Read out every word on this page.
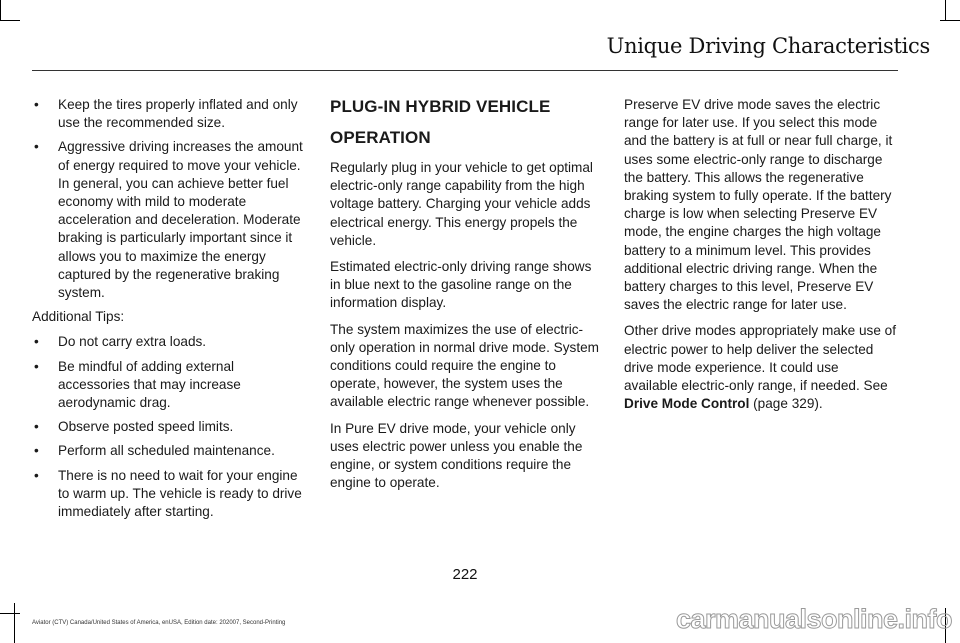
Unique Driving Characteristics
• Keep the tires properly inflated and only use the recommended size.
• Aggressive driving increases the amount of energy required to move your vehicle. In general, you can achieve better fuel economy with mild to moderate acceleration and deceleration. Moderate braking is particularly important since it allows you to maximize the energy captured by the regenerative braking system.

Additional Tips:

• Do not carry extra loads.
• Be mindful of adding external accessories that may increase aerodynamic drag.
• Observe posted speed limits.
• Perform all scheduled maintenance.
• There is no need to wait for your engine to warm up. The vehicle is ready to drive immediately after starting.
PLUG-IN HYBRID VEHICLE
OPERATION

Regularly plug in your vehicle to get optimal electric-only range capability from the high voltage battery. Charging your vehicle adds electrical energy. This energy propels the vehicle.

Estimated electric-only driving range shows in blue next to the gasoline range on the information display.

The system maximizes the use of electric-only operation in normal drive mode. System conditions could require the engine to operate, however, the system uses the available electric range whenever possible.

In Pure EV drive mode, your vehicle only uses electric power unless you enable the engine, or system conditions require the engine to operate.

Preserve EV drive mode saves the electric range for later use. If you select this mode and the battery is at full or near full charge, it uses some electric-only range to discharge the battery. This allows the regenerative braking system to fully operate. If the battery charge is low when selecting Preserve EV mode, the engine charges the high voltage battery to a minimum level. This provides additional electric driving range. When the battery charges to this level, Preserve EV saves the electric range for later use.

Other drive modes appropriately make use of electric power to help deliver the selected drive mode experience. It could use available electric-only range, if needed. See Drive Mode Control (page 329).

222
Aviator (CTV) Canada/United States of America, enUSA, Edition date: 202007, Second-Printing	carmanualsonline.info
